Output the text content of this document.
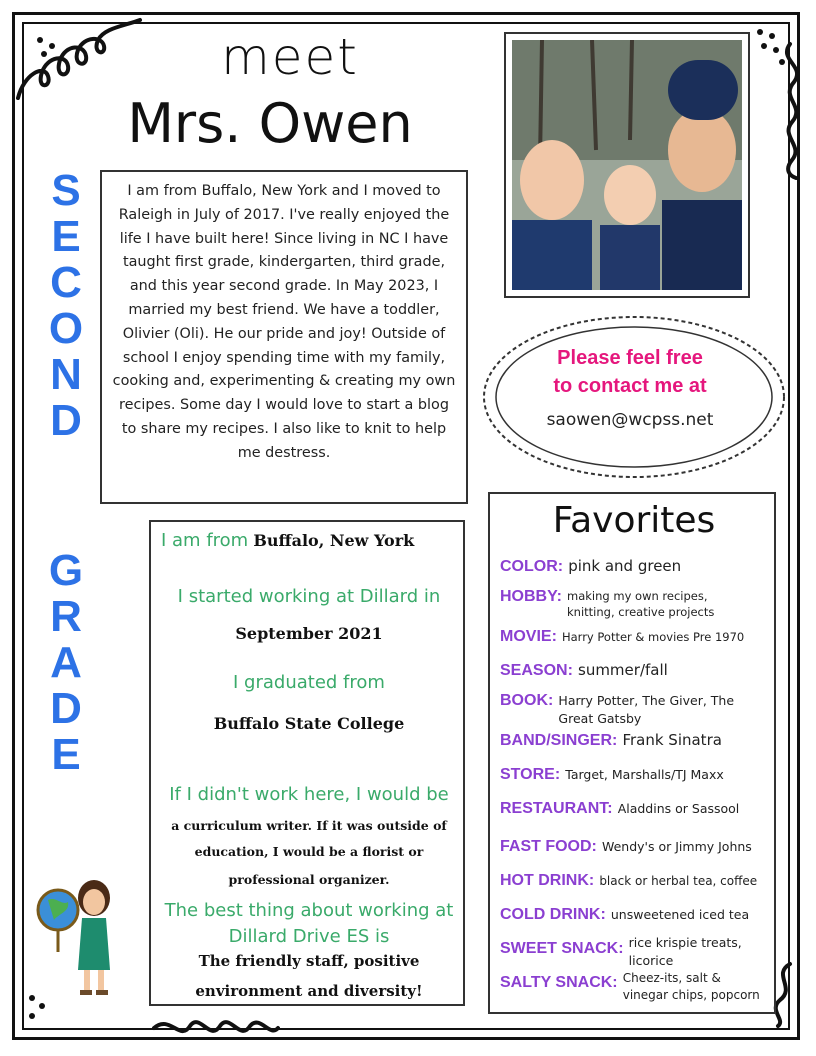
meet
Mrs. Owen
S
E
C
O
N
D
G
R
A
D
E
I am from Buffalo, New York and I moved to Raleigh in July of 2017. I've really enjoyed the life I have built here! Since living in NC I have taught first grade, kindergarten, third grade, and this year second grade. In May 2023, I married my best friend. We have a toddler, Olivier (Oli). He our pride and joy! Outside of school I enjoy spending time with my family, cooking and, experimenting & creating my own recipes. Some day I would love to start a blog to share my recipes. I also like to knit to help me destress.
Please feel free
to contact me at
saowen@wcpss.net
I am from Buffalo, New York
I started working at Dillard in
September 2021
I graduated from
Buffalo State College
If I didn't work here, I would be
a curriculum writer. If it was outside of
education, I would be a florist or
professional organizer.
The best thing about working at
Dillard Drive ES is
The friendly staff, positive
environment and diversity!
Favorites
COLOR: pink and green
HOBBY: making my own recipes,
knitting, creative projects
MOVIE: Harry Potter & movies Pre 1970
SEASON: summer/fall
BOOK: Harry Potter, The Giver, The
Great Gatsby
BAND/SINGER: Frank Sinatra
STORE: Target, Marshalls/TJ Maxx
RESTAURANT: Aladdins or Sassool
FAST FOOD: Wendy's or Jimmy Johns
HOT DRINK: black or herbal tea, coffee
COLD DRINK: unsweetened iced tea
SWEET SNACK: rice krispie treats,
licorice
SALTY SNACK: Cheez-its, salt &
vinegar chips, popcorn
